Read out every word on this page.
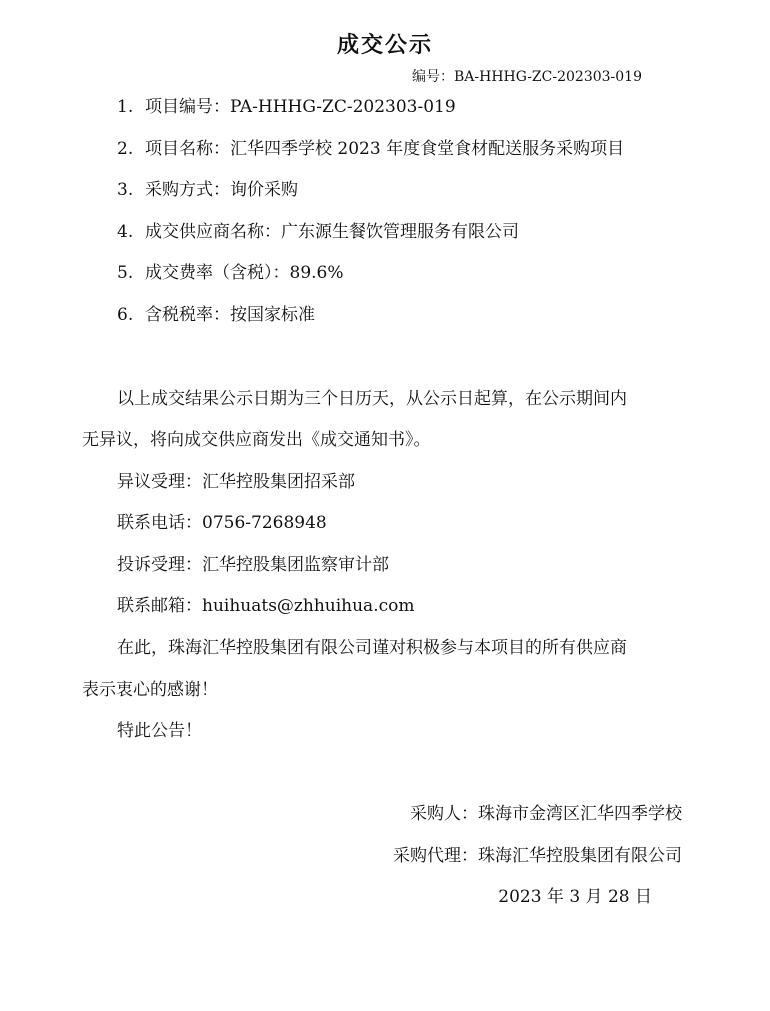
成交公示
编号：BA-HHHG-ZC-202303-019
1. 项目编号：PA-HHHG-ZC-202303-019
2. 项目名称：汇华四季学校 2023 年度食堂食材配送服务采购项目
3. 采购方式：询价采购
4. 成交供应商名称：广东源生餐饮管理服务有限公司
5. 成交费率（含税）：89.6%
6. 含税税率：按国家标准
以上成交结果公示日期为三个日历天，从公示日起算，在公示期间内
无异议，将向成交供应商发出《成交通知书》。
异议受理：汇华控股集团招采部
联系电话：0756-7268948
投诉受理：汇华控股集团监察审计部
联系邮箱：huihuats@zhhuihua.com
在此，珠海汇华控股集团有限公司谨对积极参与本项目的所有供应商
表示衷心的感谢！
特此公告！
采购人：珠海市金湾区汇华四季学校
采购代理：珠海汇华控股集团有限公司
2023 年 3 月 28 日
